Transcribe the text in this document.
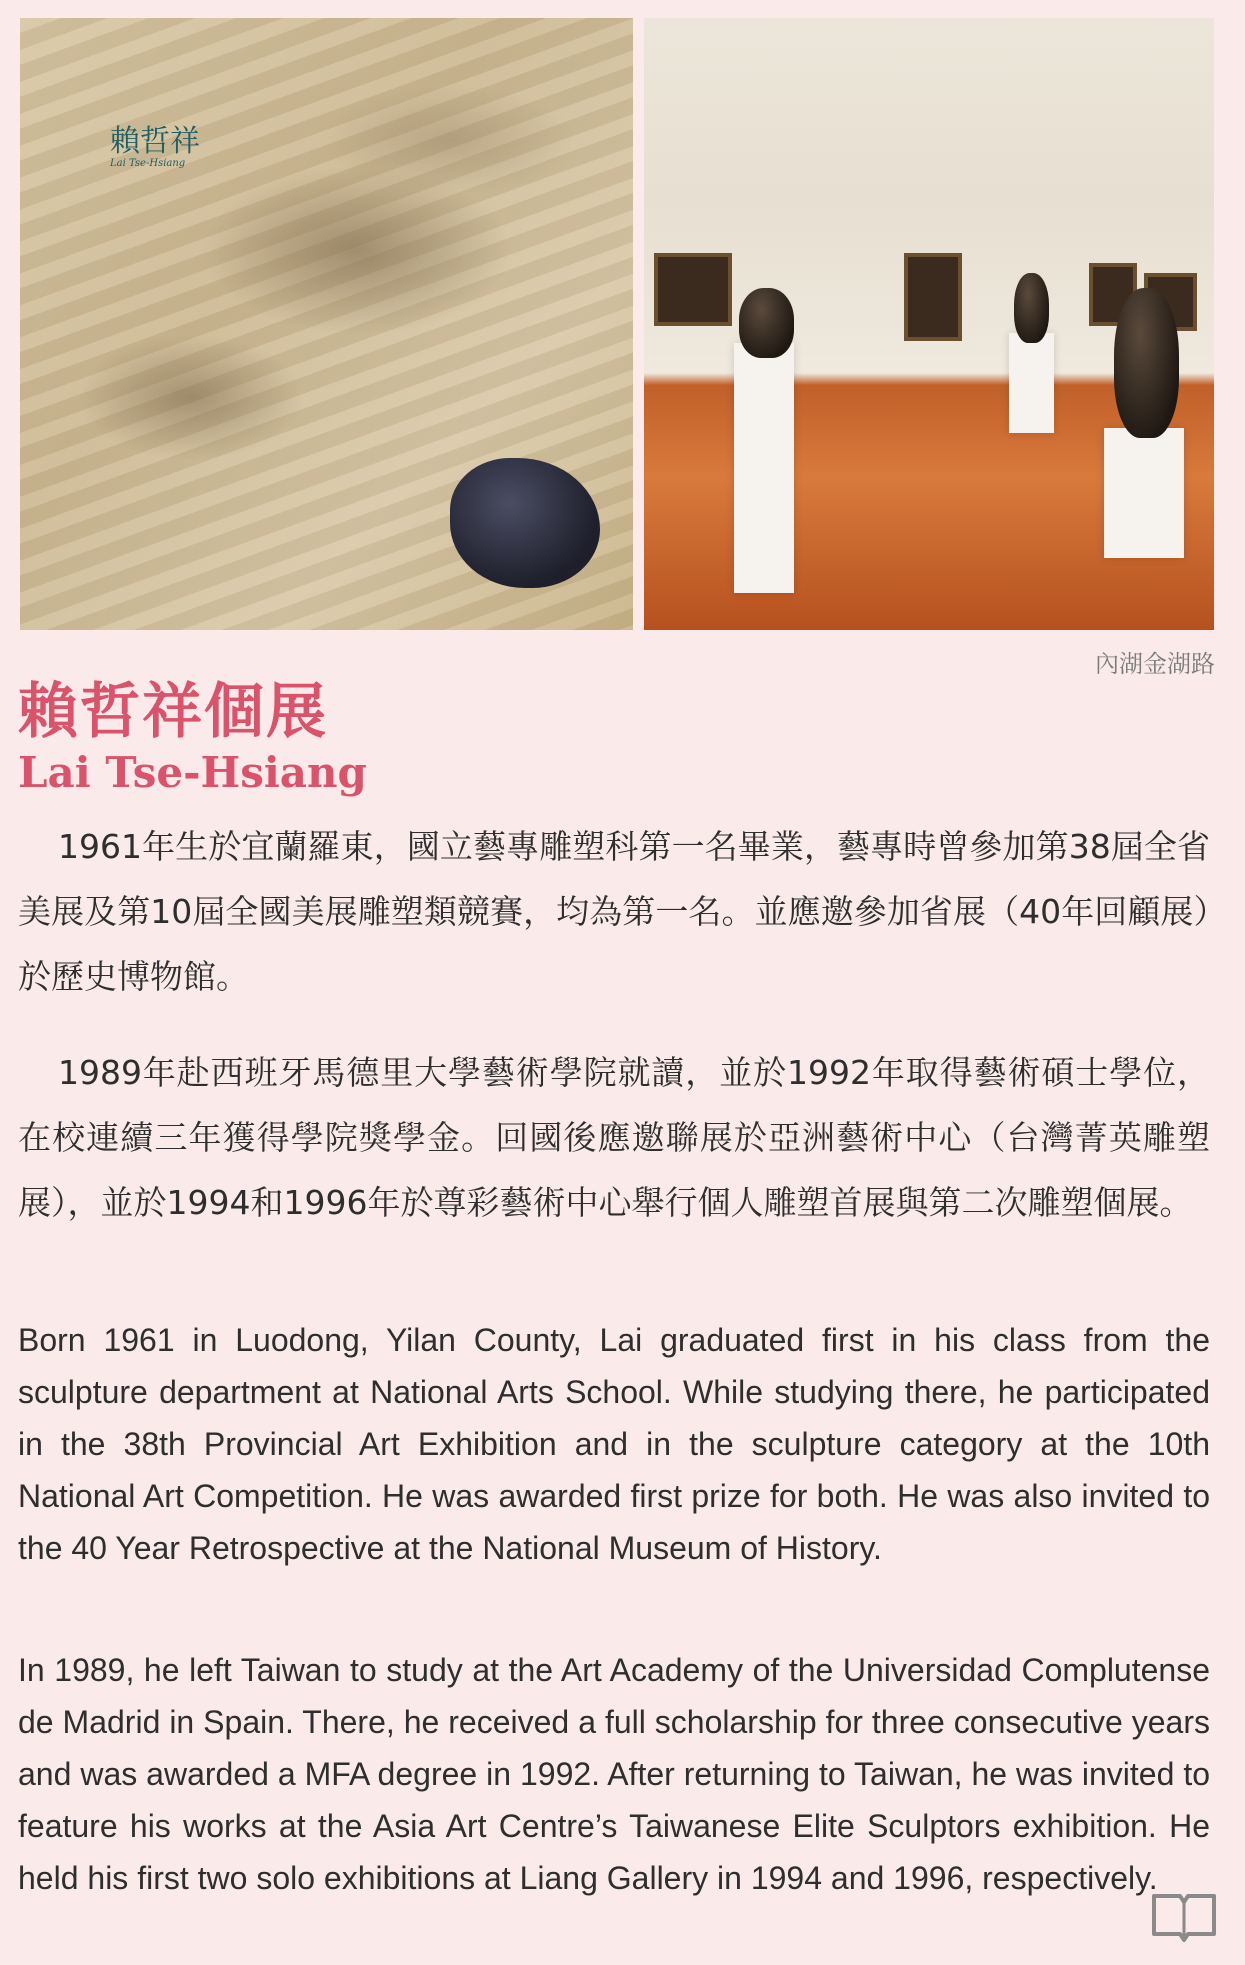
賴哲祥
Lai Tse-Hsiang

內湖金湖路

賴哲祥個展
Lai Tse-Hsiang

1961年生於宜蘭羅東，國立藝專雕塑科第一名畢業，藝專時曾參加第38屆全省美展及第10屆全國美展雕塑類競賽，均為第一名。並應邀參加省展（40年回顧展）於歷史博物館。

1989年赴西班牙馬德里大學藝術學院就讀，並於1992年取得藝術碩士學位，在校連續三年獲得學院獎學金。回國後應邀聯展於亞洲藝術中心（台灣菁英雕塑展），並於1994和1996年於尊彩藝術中心舉行個人雕塑首展與第二次雕塑個展。

Born 1961 in Luodong, Yilan County, Lai graduated first in his class from the sculpture department at National Arts School. While studying there, he participated in the 38th Provincial Art Exhibition and in the sculpture category at the 10th National Art Competition. He was awarded first prize for both. He was also invited to the 40 Year Retrospective at the National Museum of History.

In 1989, he left Taiwan to study at the Art Academy of the Universidad Complutense de Madrid in Spain. There, he received a full scholarship for three consecutive years and was awarded a MFA degree in 1992. After returning to Taiwan, he was invited to feature his works at the Asia Art Centre’s Taiwanese Elite Sculptors exhibition. He held his first two solo exhibitions at Liang Gallery in 1994 and 1996, respectively.
